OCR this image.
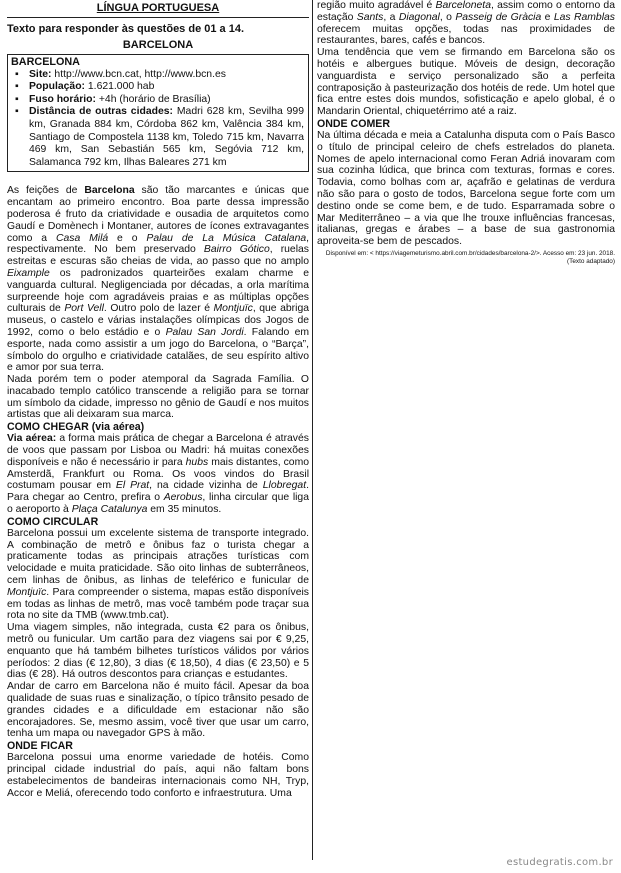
LÍNGUA PORTUGUESA
Texto para responder às questões de 01 a 14.
BARCELONA
BARCELONA
▪ Site: http://www.bcn.cat, http://www.bcn.es
▪ População: 1.621.000 hab
▪ Fuso horário: +4h (horário de Brasília)
▪ Distância de outras cidades: Madri 628 km, Sevilha 999 km, Granada 884 km, Córdoba 862 km, Valência 384 km, Santiago de Compostela 1138 km, Toledo 715 km, Navarra 469 km, San Sebastián 565 km, Segóvia 712 km, Salamanca 792 km, Ilhas Baleares 271 km

As feições de Barcelona são tão marcantes e únicas que encantam ao primeiro encontro. Boa parte dessa impressão poderosa é fruto da criatividade e ousadia de arquitetos como Gaudí e Domènech i Montaner, autores de ícones extravagantes como a Casa Milá e o Palau de La Música Catalana, respectivamente. No bem preservado Bairro Gótico, ruelas estreitas e escuras são cheias de vida, ao passo que no amplo Eixample os padronizados quarteirões exalam charme e vanguarda cultural. Negligenciada por décadas, a orla marítima surpreende hoje com agradáveis praias e as múltiplas opções culturais de Port Vell. Outro polo de lazer é Montjuïc, que abriga museus, o castelo e várias instalações olímpicas dos Jogos de 1992, como o belo estádio e o Palau San Jordi. Falando em esporte, nada como assistir a um jogo do Barcelona, o “Barça”, símbolo do orgulho e criatividade catalães, de seu espírito altivo e amor por sua terra.

Nada porém tem o poder atemporal da Sagrada Família. O inacabado templo católico transcende a religião para se tornar um símbolo da cidade, impresso no gênio de Gaudí e nos muitos artistas que ali deixaram sua marca.

COMO CHEGAR (via aérea)

Via aérea: a forma mais prática de chegar a Barcelona é através de voos que passam por Lisboa ou Madri: há muitas conexões disponíveis e não é necessário ir para hubs mais distantes, como Amsterdã, Frankfurt ou Roma. Os voos vindos do Brasil costumam pousar em El Prat, na cidade vizinha de Llobregat. Para chegar ao Centro, prefira o Aerobus, linha circular que liga o aeroporto à Plaça Catalunya em 35 minutos.

COMO CIRCULAR

Barcelona possui um excelente sistema de transporte integrado. A combinação de metrô e ônibus faz o turista chegar a praticamente todas as principais atrações turísticas com velocidade e muita praticidade. São oito linhas de subterrâneos, cem linhas de ônibus, as linhas de teleférico e funicular de Montjuïc. Para compreender o sistema, mapas estão disponíveis em todas as linhas de metrô, mas você também pode traçar sua rota no site da TMB (www.tmb.cat).

Uma viagem simples, não integrada, custa €2 para os ônibus, metrô ou funicular. Um cartão para dez viagens sai por € 9,25, enquanto que há também bilhetes turísticos válidos por vários períodos: 2 dias (€ 12,80), 3 dias (€ 18,50), 4 dias (€ 23,50) e 5 dias (€ 28). Há outros descontos para crianças e estudantes.

Andar de carro em Barcelona não é muito fácil. Apesar da boa qualidade de suas ruas e sinalização, o típico trânsito pesado de grandes cidades e a dificuldade em estacionar não são encorajadores. Se, mesmo assim, você tiver que usar um carro, tenha um mapa ou navegador GPS à mão.

ONDE FICAR

Barcelona possui uma enorme variedade de hotéis. Como principal cidade industrial do país, aqui não faltam bons estabelecimentos de bandeiras internacionais como NH, Tryp, Accor e Meliá, oferecendo todo conforto e infraestrutura. Uma

região muito agradável é Barceloneta, assim como o entorno da estação Sants, a Diagonal, o Passeig de Gràcia e Las Ramblas oferecem muitas opções, todas nas proximidades de restaurantes, bares, cafés e bancos.

Uma tendência que vem se firmando em Barcelona são os hotéis e albergues butique. Móveis de design, decoração vanguardista e serviço personalizado são a perfeita contraposição à pasteurização dos hotéis de rede. Um hotel que fica entre estes dois mundos, sofisticação e apelo global, é o Mandarin Oriental, chiquetérrimo até a raiz.

ONDE COMER

Na última década e meia a Catalunha disputa com o País Basco o título de principal celeiro de chefs estrelados do planeta. Nomes de apelo internacional como Feran Adriá inovaram com sua cozinha lúdica, que brinca com texturas, formas e cores. Todavia, como bolhas com ar, açafrão e gelatinas de verdura não são para o gosto de todos, Barcelona segue forte com um destino onde se come bem, e de tudo. Esparramada sobre o Mar Mediterrâneo – a via que lhe trouxe influências francesas, italianas, gregas e árabes – a base de sua gastronomia aproveita-se bem de pescados.

Disponível em: < https://viagemeturismo.abril.com.br/cidades/barcelona-2/>. Acesso em: 23 jun. 2018. (Texto adaptado)
estudegratis.com.br
